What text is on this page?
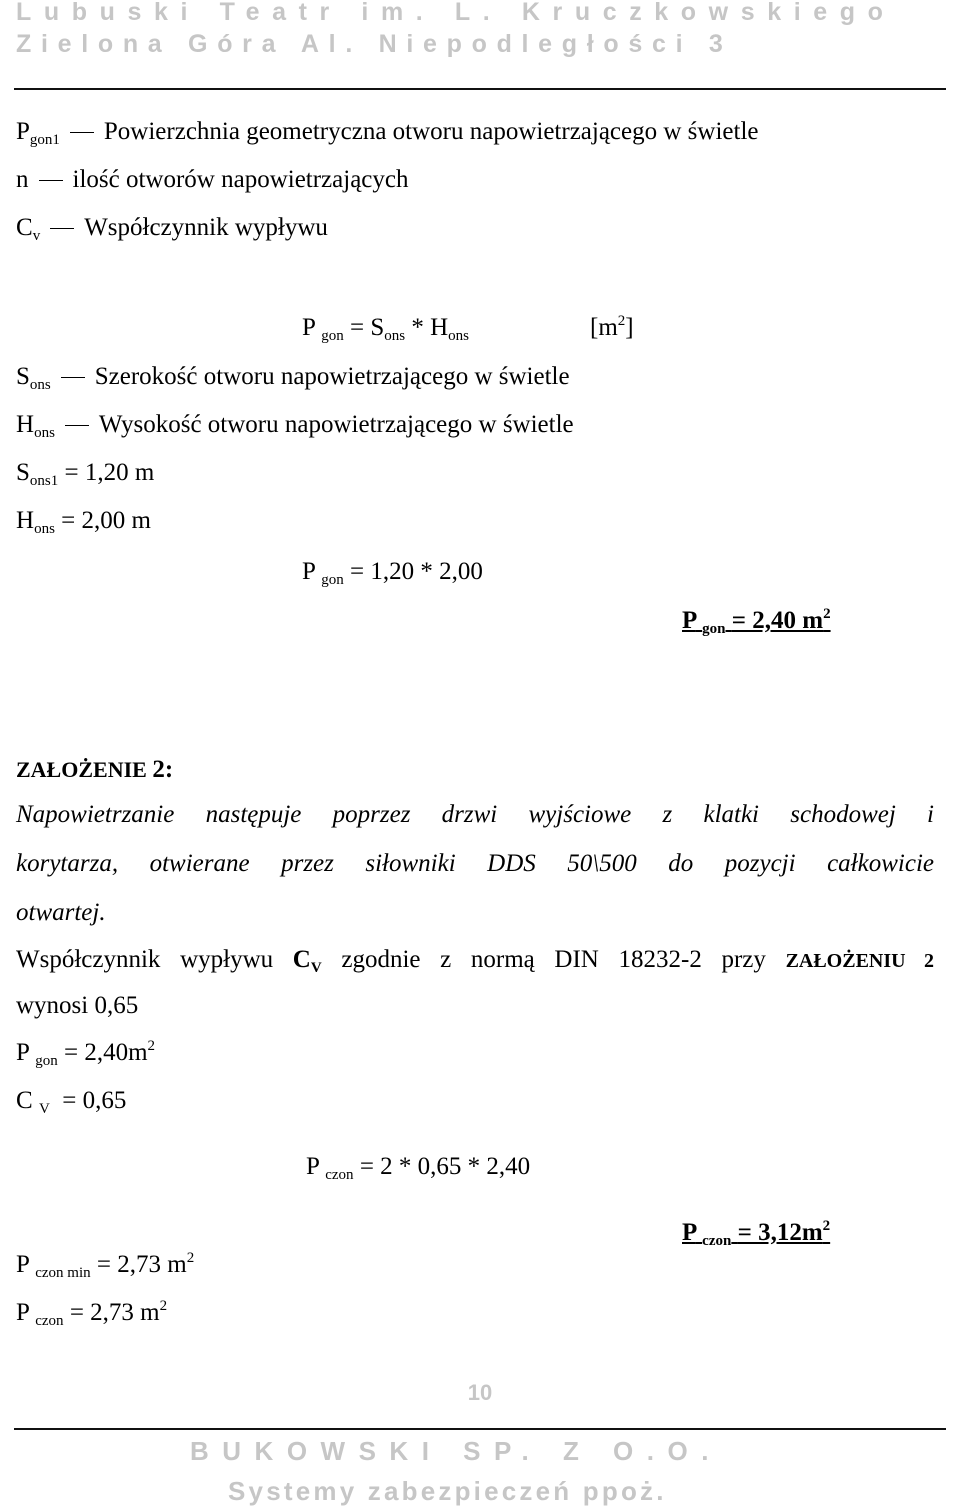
Lubuski Teatr im. L. Kruczkowskiego
Zielona Góra Al. Niepodległości 3
$P_{gon1}$ Powierzchnia geometryczna otworu napowietrzającego w świetle
n ilość otworów napowietrzających
$C_v$ Współczynnik wypływu
P $_{gon} = S_{ons} * H_{ons}$	$[m^2]$
$S_{ons}$ Szerokość otworu napowietrzającego w świetle
$H_{ons}$ Wysokość otworu napowietrzającego w świetle
$S_{ons1} = 1,20$ m
$H_{ons} = 2,00$ m
P $_{gon}$ = 1,20 * 2,00
P $_{gon}$ = 2,40 $m^2$
ZAŁOŻENIE 2:
Napowietrzanie następuje poprzez drzwi wyjściowe z klatki schodowej i
korytarza, otwierane przez siłowniki DDS 50\500 do pozycji całkowicie
otwartej.
Współczynnik wypływu $C_V$ zgodnie z normą DIN 18232-2 przy ZAŁOŻENIU 2
wynosi 0,65
P $_{gon} = 2,40m^2$
C $_V$ = 0,65
P $_{czon}$ = 2 * 0,65 * 2,40
P $_{czon} = 3,12m^2$
P $_{czon min}$ = 2,73 $m^2$
P $_{czon}$ = 2,73 $m^2$
10
BUKOWSKI SP. Z O.O.
Systemy zabezpieczeń ppoż.
